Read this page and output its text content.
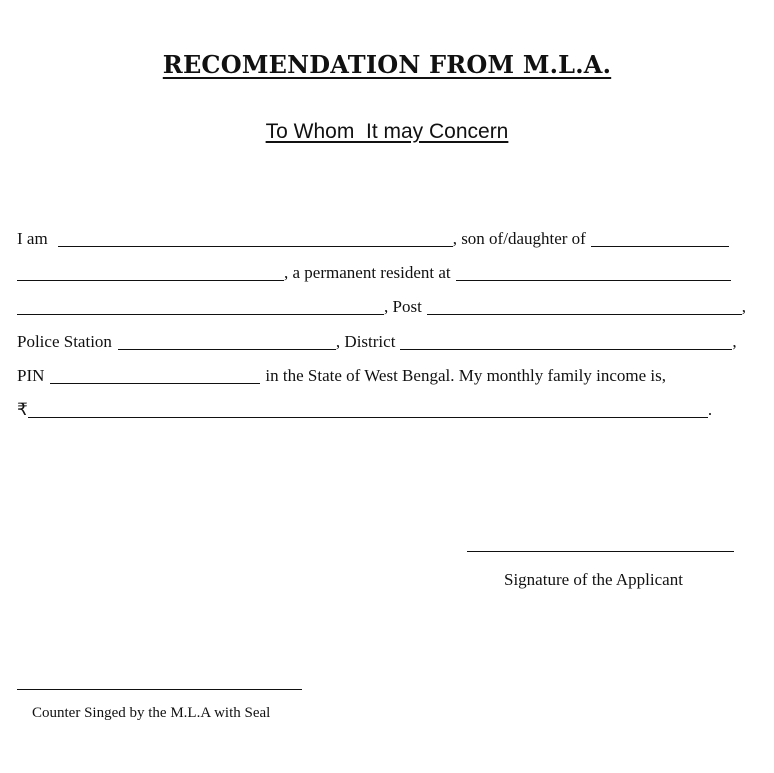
RECOMENDATION FROM M.L.A.
To Whom  It may Concern
I am	, son of/daughter of
, a permanent resident at
, Post	,
Police Station	, District	,
PIN	in the State of West Bengal. My monthly family income is,
₹	.
Signature of the Applicant
Counter Singed by the M.L.A with Seal
